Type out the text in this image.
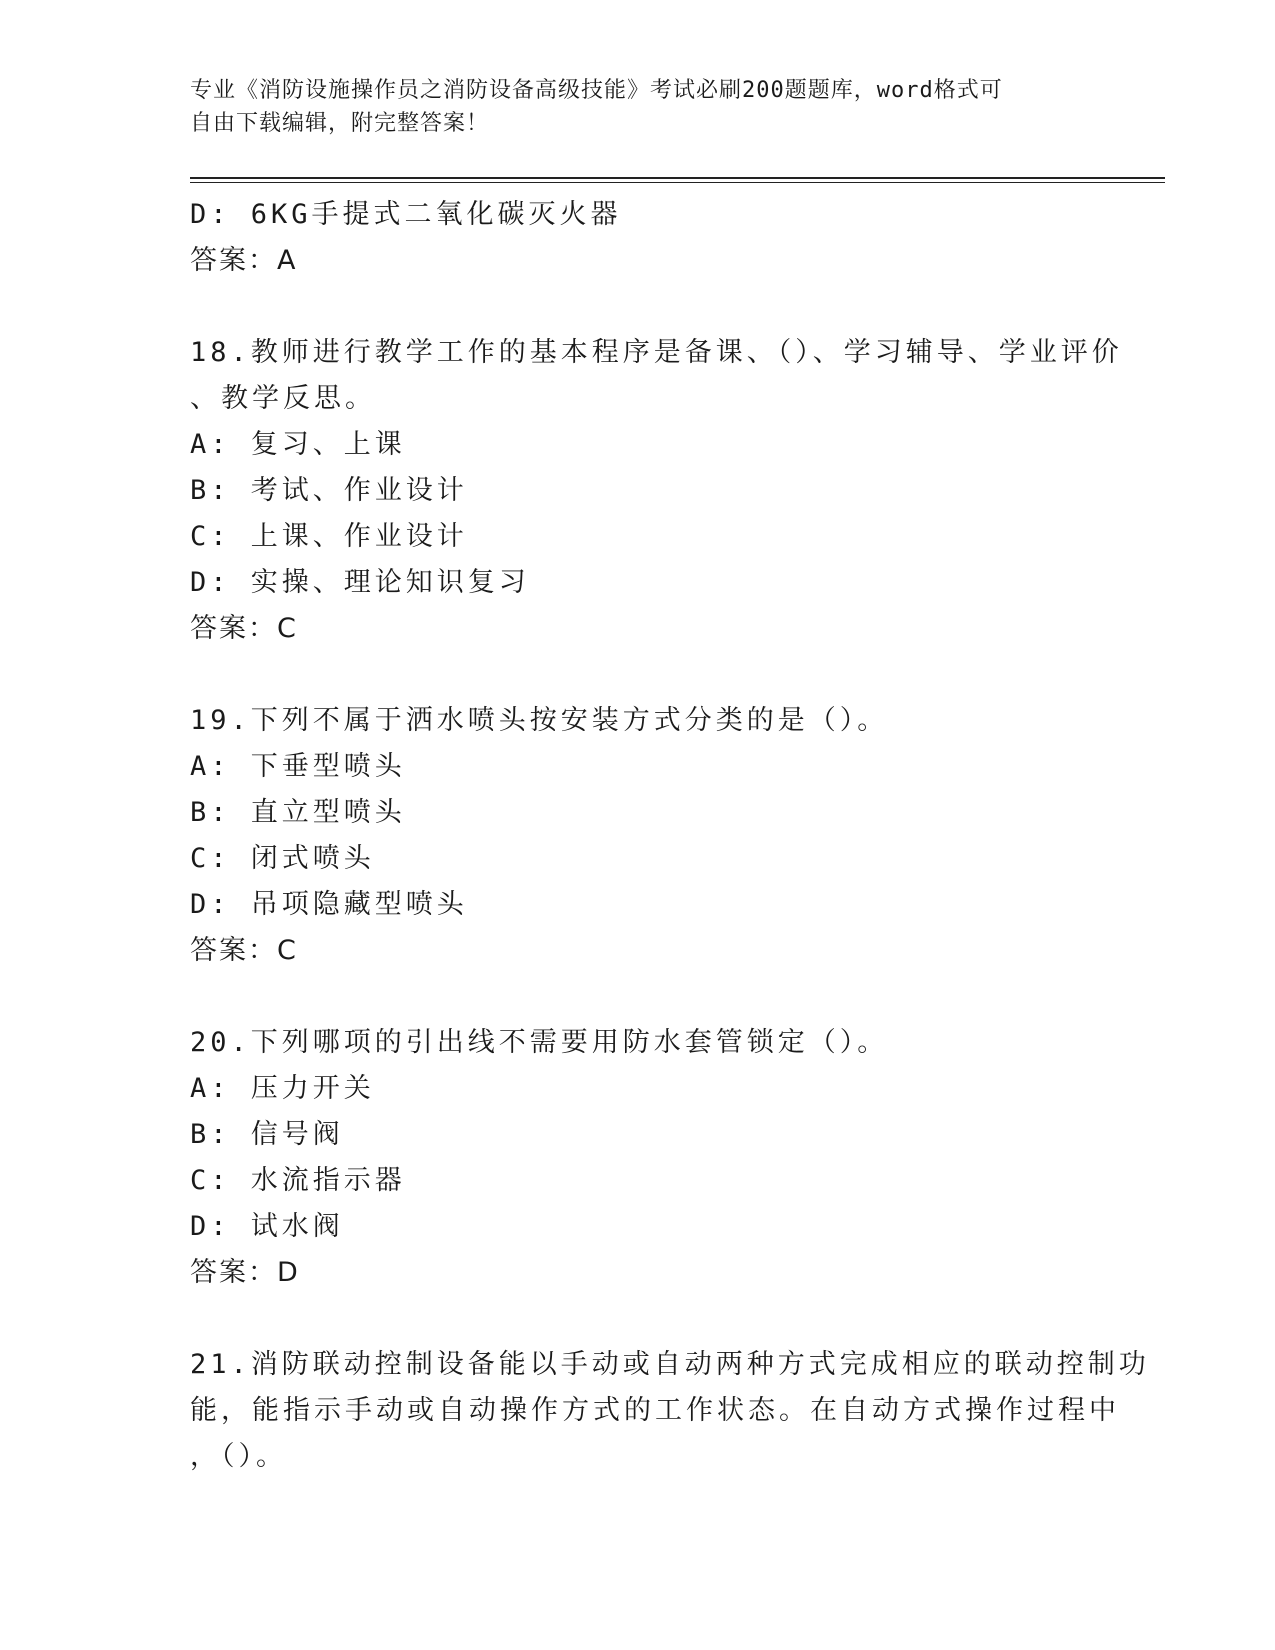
专业《消防设施操作员之消防设备高级技能》考试必刷200题题库，word格式可
自由下载编辑，附完整答案！
D: 6KG手提式二氧化碳灭火器
答案：A
18.教师进行教学工作的基本程序是备课、（）、学习辅导、学业评价
、教学反思。
A: 复习、上课
B: 考试、作业设计
C: 上课、作业设计
D: 实操、理论知识复习
答案：C
19.下列不属于洒水喷头按安装方式分类的是（）。
A: 下垂型喷头
B: 直立型喷头
C: 闭式喷头
D: 吊项隐藏型喷头
答案：C
20.下列哪项的引出线不需要用防水套管锁定（）。
A: 压力开关
B: 信号阀
C: 水流指示器
D: 试水阀
答案：D
21.消防联动控制设备能以手动或自动两种方式完成相应的联动控制功
能，能指示手动或自动操作方式的工作状态。在自动方式操作过程中
，（）。
